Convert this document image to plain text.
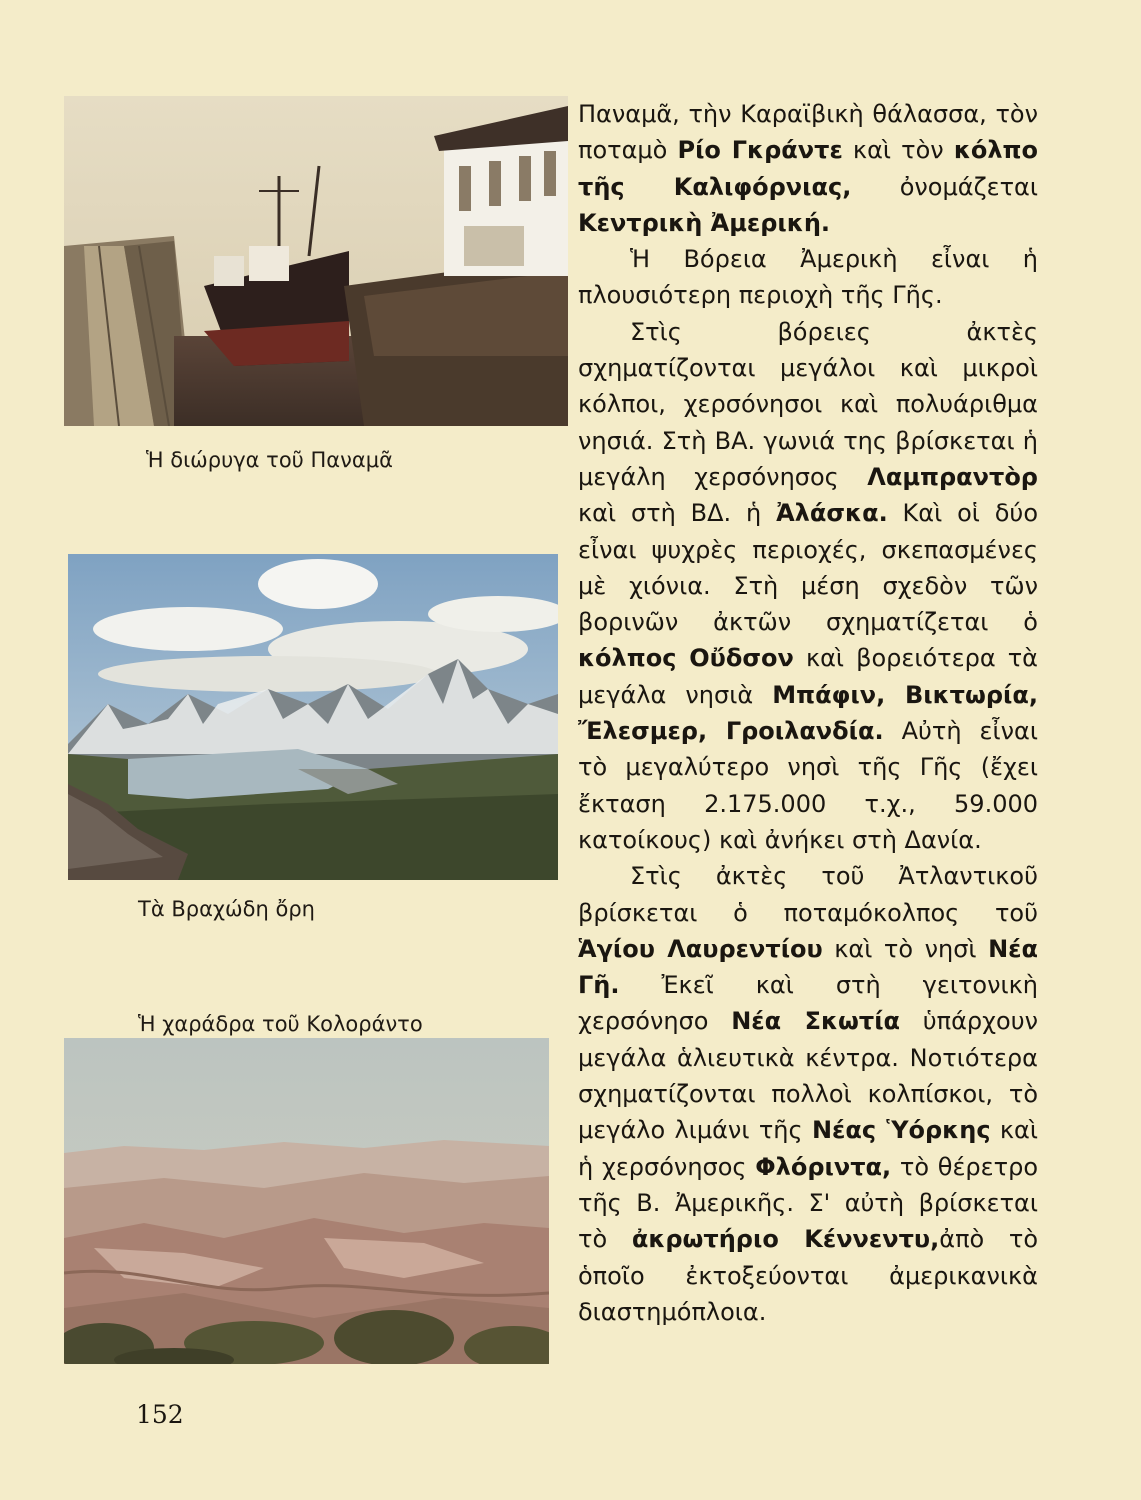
Ἡ διώρυγα τοῦ Παναμᾶ
Τὰ Βραχώδη ὄρη
Ἡ χαράδρα τοῦ Κολοράντο

Παναμᾶ, τὴν Καραϊβικὴ θάλασσα, τὸν ποταμὸ Ρίο Γκράντε καὶ τὸν κόλπο τῆς Καλιφόρνιας, ὀνομάζεται Κεντρικὴ Ἀμερική.

Ἡ Βόρεια Ἀμερικὴ εἶναι ἡ πλουσιότερη περιοχὴ τῆς Γῆς.

Στὶς βόρειες ἀκτὲς σχηματίζονται μεγάλοι καὶ μικροὶ κόλποι, χερσόνησοι καὶ πολυάριθμα νησιά. Στὴ ΒΑ. γωνιά της βρίσκεται ἡ μεγάλη χερσόνησος Λαμπραντὸρ καὶ στὴ ΒΔ. ἡ Ἀλάσκα. Καὶ οἱ δύο εἶναι ψυχρὲς περιοχές, σκεπασμένες μὲ χιόνια. Στὴ μέση σχεδὸν τῶν βορινῶν ἀκτῶν σχηματίζεται ὁ κόλπος Οὔδσον καὶ βορειότερα τὰ μεγάλα νησιὰ Μπάφιν, Βικτωρία, Ἔλεσμερ, Γροιλανδία. Αὐτὴ εἶναι τὸ μεγαλύτερο νησὶ τῆς Γῆς (ἔχει ἔκταση 2.175.000 τ.χ., 59.000 κατοίκους) καὶ ἀνήκει στὴ Δανία.

Στὶς ἀκτὲς τοῦ Ἀτλαντικοῦ βρίσκεται ὁ ποταμόκολπος τοῦ Ἁγίου Λαυρεντίου καὶ τὸ νησὶ Νέα Γῆ. Ἐκεῖ καὶ στὴ γειτονικὴ χερσόνησο Νέα Σκωτία ὑπάρχουν μεγάλα ἁλιευτικὰ κέντρα. Νοτιότερα σχηματίζονται πολλοὶ κολπίσκοι, τὸ μεγάλο λιμάνι τῆς Νέας Ὑόρκης καὶ ἡ χερσόνησος Φλόριντα, τὸ θέρετρο τῆς Β. Ἀμερικῆς. Σ' αὐτὴ βρίσκεται τὸ ἀκρωτήριο Κέννεντυ,ἀπὸ τὸ ὁποῖο ἐκτοξεύονται ἀμερικανικὰ διαστημόπλοια.

152
